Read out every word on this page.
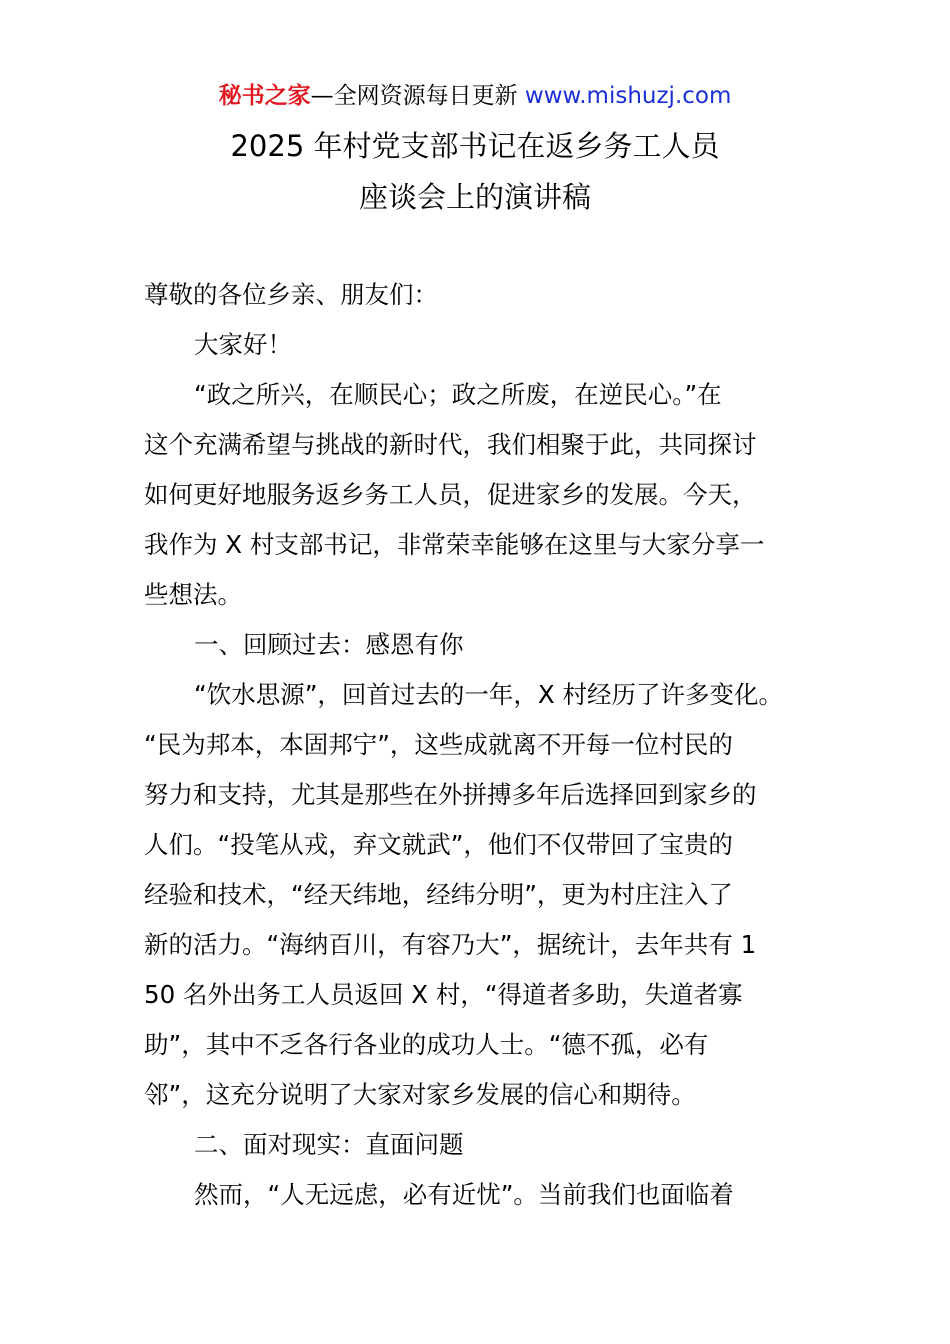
秘书之家—全网资源每日更新 www.mishuzj.com
2025 年村党支部书记在返乡务工人员
座谈会上的演讲稿
尊敬的各位乡亲、朋友们：
大家好！
“政之所兴，在顺民心；政之所废，在逆民心。”在
这个充满希望与挑战的新时代，我们相聚于此，共同探讨
如何更好地服务返乡务工人员，促进家乡的发展。今天，
我作为 X 村支部书记，非常荣幸能够在这里与大家分享一
些想法。
一、回顾过去：感恩有你
“饮水思源”，回首过去的一年，X 村经历了许多变化。
“民为邦本，本固邦宁”，这些成就离不开每一位村民的
努力和支持，尤其是那些在外拼搏多年后选择回到家乡的
人们。“投笔从戎，弃文就武”，他们不仅带回了宝贵的
经验和技术，“经天纬地，经纬分明”，更为村庄注入了
新的活力。“海纳百川，有容乃大”，据统计，去年共有 1
50 名外出务工人员返回 X 村，“得道者多助，失道者寡
助”，其中不乏各行各业的成功人士。“德不孤，必有
邻”，这充分说明了大家对家乡发展的信心和期待。
二、面对现实：直面问题
然而，“人无远虑，必有近忧”。当前我们也面临着
